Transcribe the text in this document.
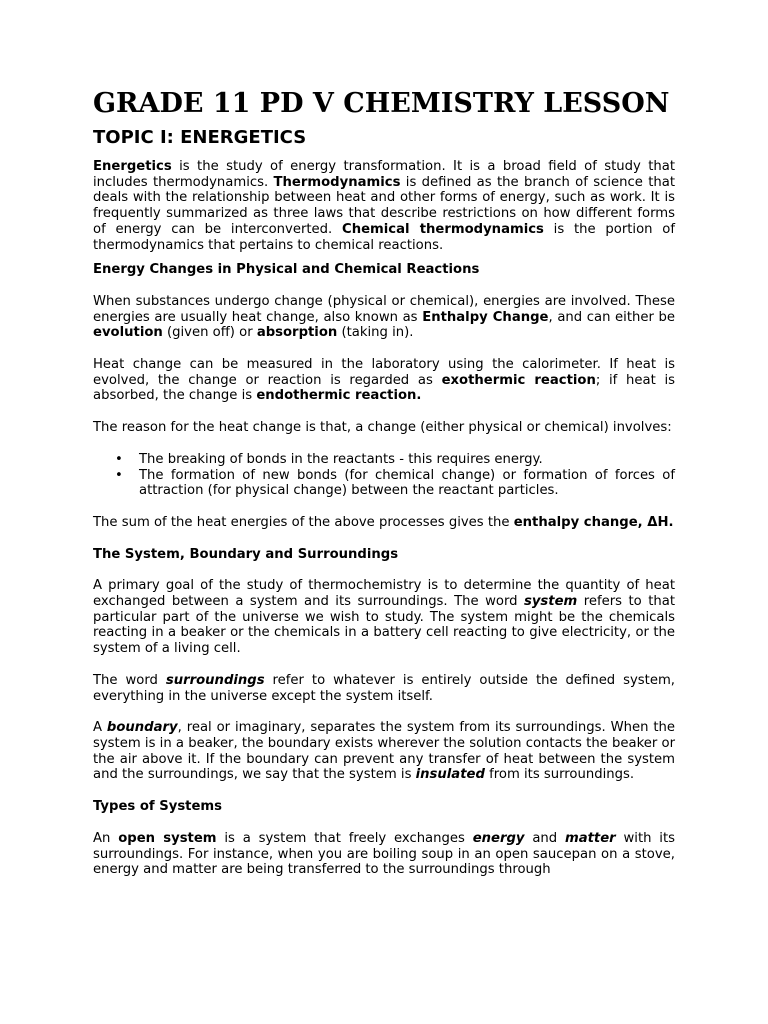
GRADE 11 PD V CHEMISTRY LESSON
TOPIC I: ENERGETICS

Energetics is the study of energy transformation. It is a broad field of study that includes thermodynamics. Thermodynamics is defined as the branch of science that deals with the relationship between heat and other forms of energy, such as work. It is frequently summarized as three laws that describe restrictions on how different forms of energy can be interconverted. Chemical thermodynamics is the portion of thermodynamics that pertains to chemical reactions.

Energy Changes in Physical and Chemical Reactions

When substances undergo change (physical or chemical), energies are involved. These energies are usually heat change, also known as Enthalpy Change, and can either be evolution (given off) or absorption (taking in).

Heat change can be measured in the laboratory using the calorimeter. If heat is evolved, the change or reaction is regarded as exothermic reaction; if heat is absorbed, the change is endothermic reaction.

The reason for the heat change is that, a change (either physical or chemical) involves:

• The breaking of bonds in the reactants - this requires energy.
• The formation of new bonds (for chemical change) or formation of forces of attraction (for physical change) between the reactant particles.

The sum of the heat energies of the above processes gives the enthalpy change, ΔH.

The System, Boundary and Surroundings

A primary goal of the study of thermochemistry is to determine the quantity of heat exchanged between a system and its surroundings. The word system refers to that particular part of the universe we wish to study. The system might be the chemicals reacting in a beaker or the chemicals in a battery cell reacting to give electricity, or the system of a living cell.

The word surroundings refer to whatever is entirely outside the defined system, everything in the universe except the system itself.

A boundary, real or imaginary, separates the system from its surroundings. When the system is in a beaker, the boundary exists wherever the solution contacts the beaker or the air above it. If the boundary can prevent any transfer of heat between the system and the surroundings, we say that the system is insulated from its surroundings.

Types of Systems

An open system is a system that freely exchanges energy and matter with its surroundings. For instance, when you are boiling soup in an open saucepan on a stove, energy and matter are being transferred to the surroundings through
